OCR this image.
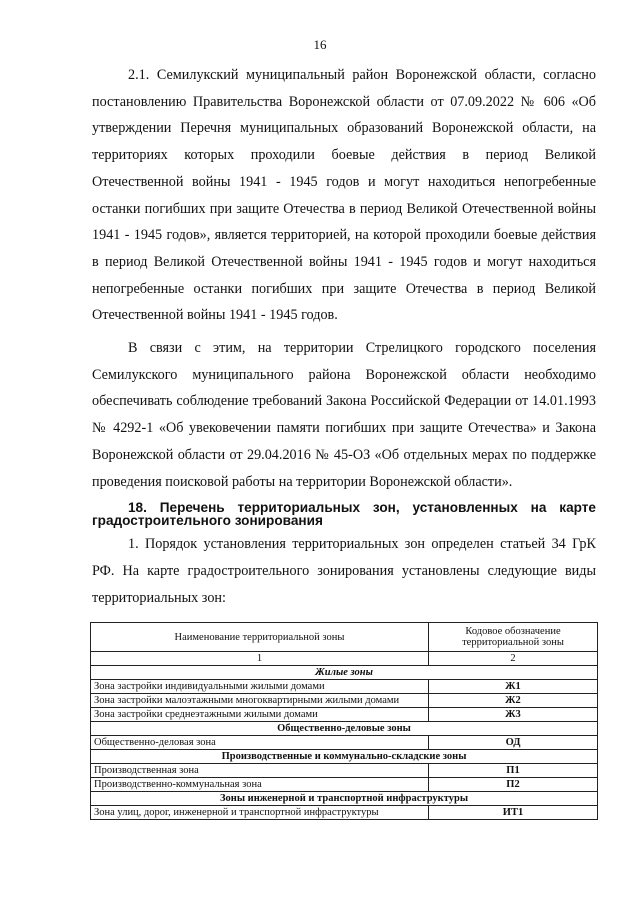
16

2.1. Семилукский муниципальный район Воронежской области, согласно постановлению Правительства Воронежской области от 07.09.2022 № 606 «Об утверждении Перечня муниципальных образований Воронежской области, на территориях которых проходили боевые действия в период Великой Отечественной войны 1941 - 1945 годов и могут находиться непогребенные останки погибших при защите Отечества в период Великой Отечественной войны 1941 - 1945 годов», является территорией, на которой проходили боевые действия в период Великой Отечественной войны 1941 - 1945 годов и могут находиться непогребенные останки погибших при защите Отечества в период Великой Отечественной войны 1941 - 1945 годов.

В связи с этим, на территории Стрелицкого городского поселения Семилукского муниципального района Воронежской области необходимо обеспечивать соблюдение требований Закона Российской Федерации от 14.01.1993 № 4292-1 «Об увековечении памяти погибших при защите Отечества» и Закона Воронежской области от 29.04.2016 № 45-ОЗ «Об отдельных мерах по поддержке проведения поисковой работы на территории Воронежской области».

18. Перечень территориальных зон, установленных на карте градостроительного зонирования

1. Порядок установления территориальных зон определен статьей 34 ГрК РФ. На карте градостроительного зонирования установлены следующие виды территориальных зон:

Наименование территориальной зоны	Кодовое обозначение территориальной зоны
1	2
Жилые зоны	
Зона застройки индивидуальными жилыми домами	Ж1
Зона застройки малоэтажными многоквартирными жилыми домами	Ж2
Зона застройки среднеэтажными жилыми домами	Ж3
Общественно-деловые зоны	
Общественно-деловая зона	ОД
Производственные и коммунально-складские зоны	
Производственная зона	П1
Производственно-коммунальная зона	П2
Зоны инженерной и транспортной инфраструктуры	
Зона улиц, дорог, инженерной и транспортной инфраструктуры	ИТ1
